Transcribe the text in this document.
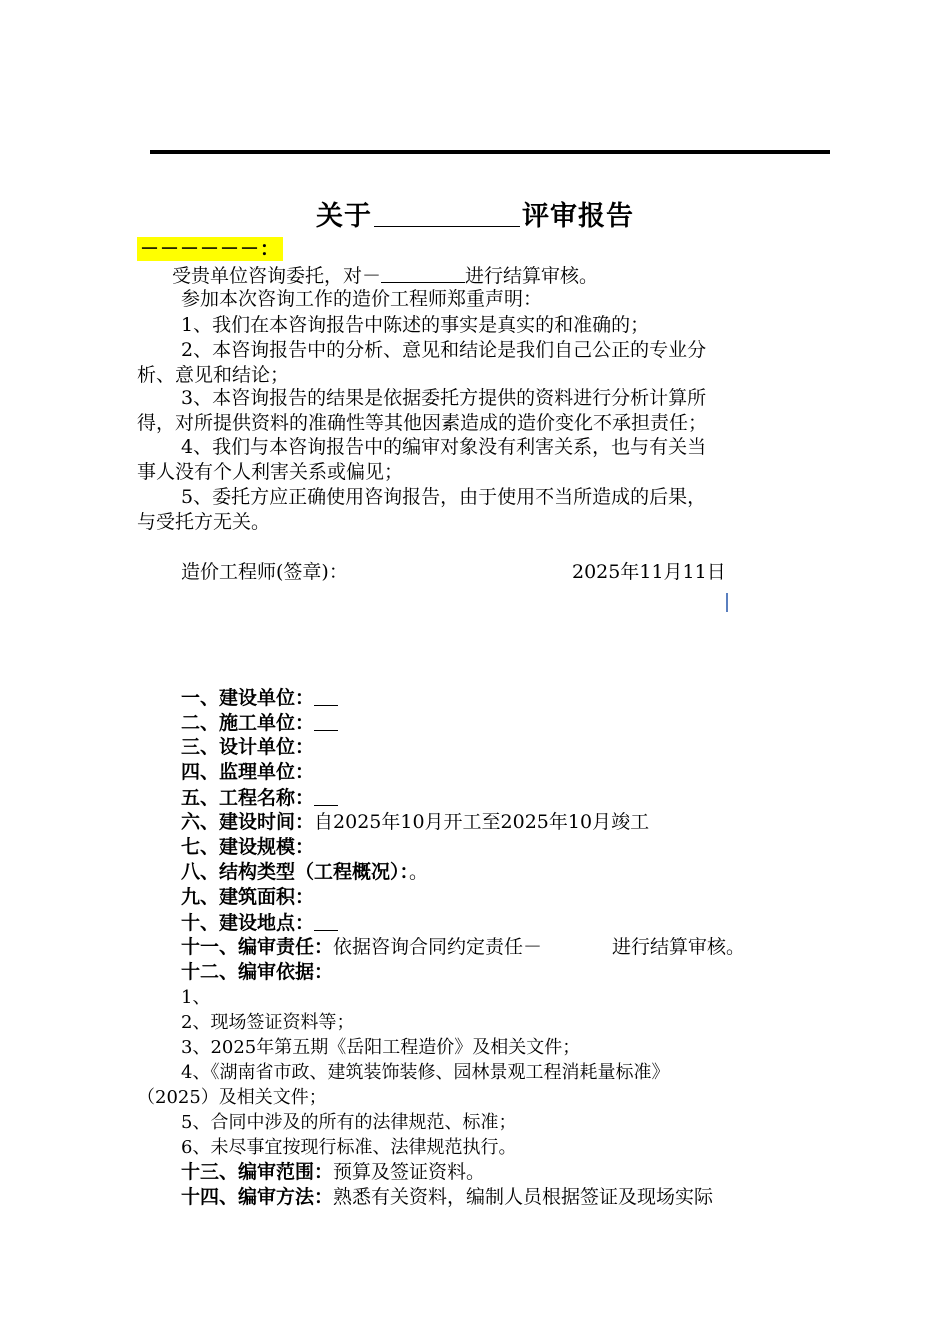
关于	评审报告
－－－－－－：
受贵单位咨询委托，对－	进行结算审核。
参加本次咨询工作的造价工程师郑重声明：
1、我们在本咨询报告中陈述的事实是真实的和准确的；
2、本咨询报告中的分析、意见和结论是我们自己公正的专业分
析、意见和结论；
3、本咨询报告的结果是依据委托方提供的资料进行分析计算所
得，对所提供资料的准确性等其他因素造成的造价变化不承担责任；
4、我们与本咨询报告中的编审对象没有利害关系，也与有关当
事人没有个人利害关系或偏见；
5、委托方应正确使用咨询报告，由于使用不当所造成的后果，
与受托方无关。
造价工程师(签章)：	2025年11月11日
一、建设单位：
二、施工单位：
三、设计单位：
四、监理单位：
五、工程名称：
六、建设时间：自2025年10月开工至2025年10月竣工
七、建设规模：
八、结构类型（工程概况）：。
九、建筑面积：
十、建设地点：
十一、编审责任：依据咨询合同约定责任－	进行结算审核。
十二、编审依据：
1、
2、现场签证资料等；
3、2025年第五期《岳阳工程造价》及相关文件；
4、《湖南省市政、建筑装饰装修、园林景观工程消耗量标准》
（2025）及相关文件；
5、合同中涉及的所有的法律规范、标准；
6、未尽事宜按现行标准、法律规范执行。
十三、编审范围：预算及签证资料。
十四、编审方法：熟悉有关资料，编制人员根据签证及现场实际
